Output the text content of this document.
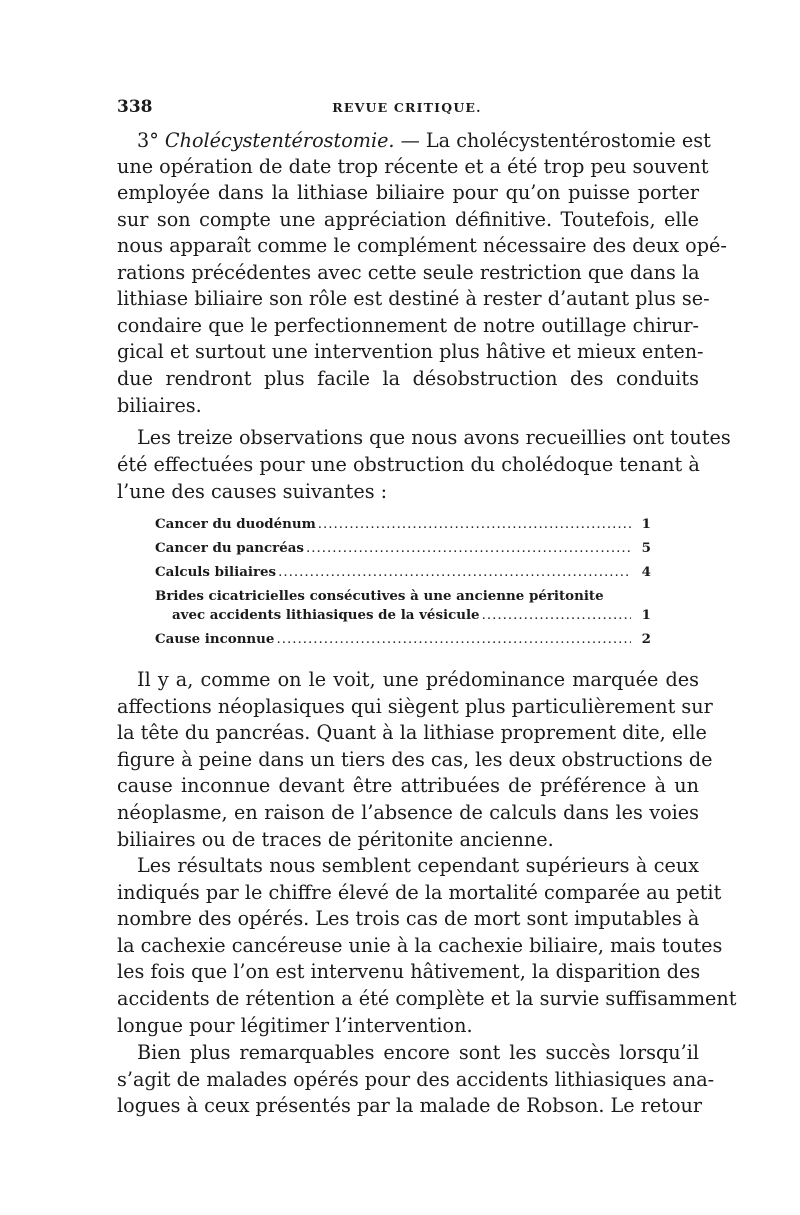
338	REVUE CRITIQUE.
3° Cholécystentérostomie. — La cholécystentérostomie est
une opération de date trop récente et a été trop peu souvent
employée dans la lithiase biliaire pour qu’on puisse porter
sur son compte une appréciation définitive. Toutefois, elle
nous apparaît comme le complément nécessaire des deux opé-
rations précédentes avec cette seule restriction que dans la
lithiase biliaire son rôle est destiné à rester d’autant plus se-
condaire que le perfectionnement de notre outillage chirur-
gical et surtout une intervention plus hâtive et mieux enten-
due rendront plus facile la désobstruction des conduits
biliaires.
Les treize observations que nous avons recueillies ont toutes
été effectuées pour une obstruction du cholédoque tenant à
l’une des causes suivantes :
Cancer du duodénum .....	1
Cancer du pancréas .....	5
Calculs biliaires .....	4
Brides cicatricielles consécutives à une ancienne péritonite
avec accidents lithiasiques de la vésicule .....	1
Cause inconnue .....	2
Il y a, comme on le voit, une prédominance marquée des
affections néoplasiques qui siègent plus particulièrement sur
la tête du pancréas. Quant à la lithiase proprement dite, elle
figure à peine dans un tiers des cas, les deux obstructions de
cause inconnue devant être attribuées de préférence à un
néoplasme, en raison de l’absence de calculs dans les voies
biliaires ou de traces de péritonite ancienne.
Les résultats nous semblent cependant supérieurs à ceux
indiqués par le chiffre élevé de la mortalité comparée au petit
nombre des opérés. Les trois cas de mort sont imputables à
la cachexie cancéreuse unie à la cachexie biliaire, mais toutes
les fois que l’on est intervenu hâtivement, la disparition des
accidents de rétention a été complète et la survie suffisamment
longue pour légitimer l’intervention.
Bien plus remarquables encore sont les succès lorsqu’il
s’agit de malades opérés pour des accidents lithiasiques ana-
logues à ceux présentés par la malade de Robson. Le retour
